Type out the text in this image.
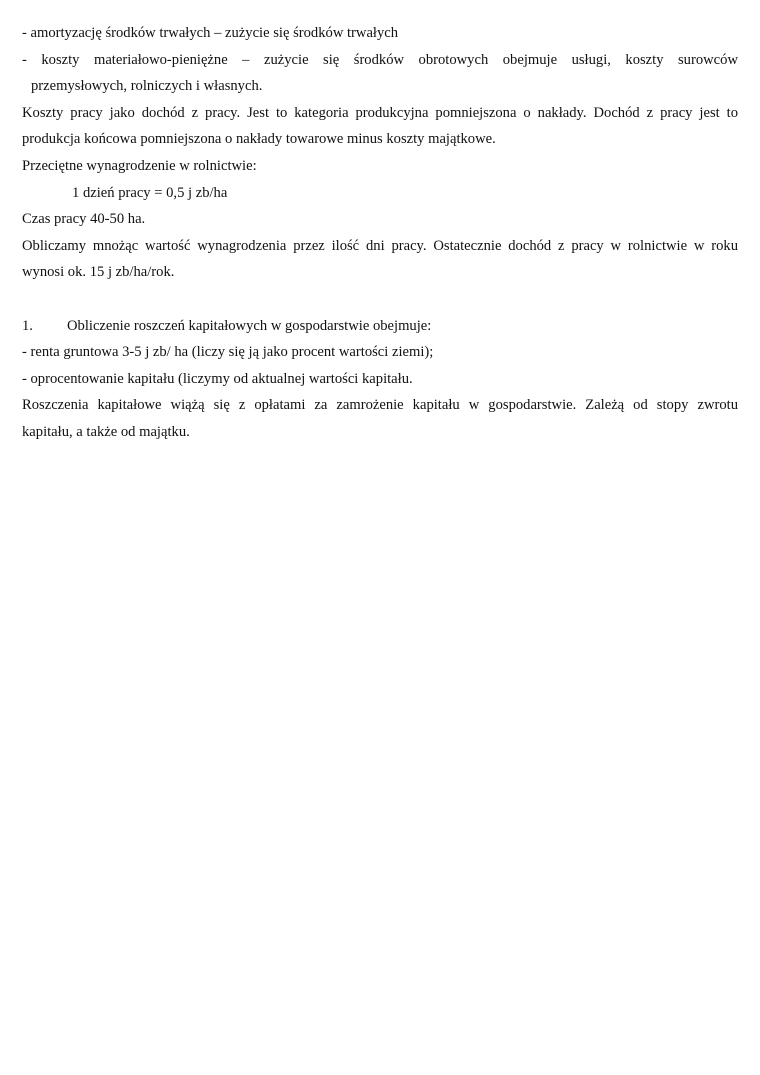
- amortyzację środków trwałych – zużycie się środków trwałych
- koszty materiałowo-pieniężne – zużycie się środków obrotowych obejmuje usługi, koszty surowców
przemysłowych, rolniczych i własnych.
Koszty pracy jako dochód z pracy. Jest to kategoria produkcyjna pomniejszona o nakłady. Dochód z pracy jest to
produkcja końcowa pomniejszona o nakłady towarowe minus koszty majątkowe.
Przeciętne wynagrodzenie w rolnictwie:
1 dzień pracy = 0,5 j zb/ha
Czas pracy 40-50 ha.
Obliczamy mnożąc wartość wynagrodzenia przez ilość dni pracy. Ostatecznie dochód z pracy w rolnictwie w roku
wynosi ok. 15 j zb/ha/rok.
1.	Obliczenie roszczeń kapitałowych w gospodarstwie obejmuje:
- renta gruntowa 3-5 j zb/ ha (liczy się ją jako procent wartości ziemi);
- oprocentowanie kapitału (liczymy od aktualnej wartości kapitału.
Roszczenia kapitałowe wiążą się z opłatami za zamrożenie kapitału w gospodarstwie. Zależą od stopy zwrotu
kapitału, a także od majątku.
